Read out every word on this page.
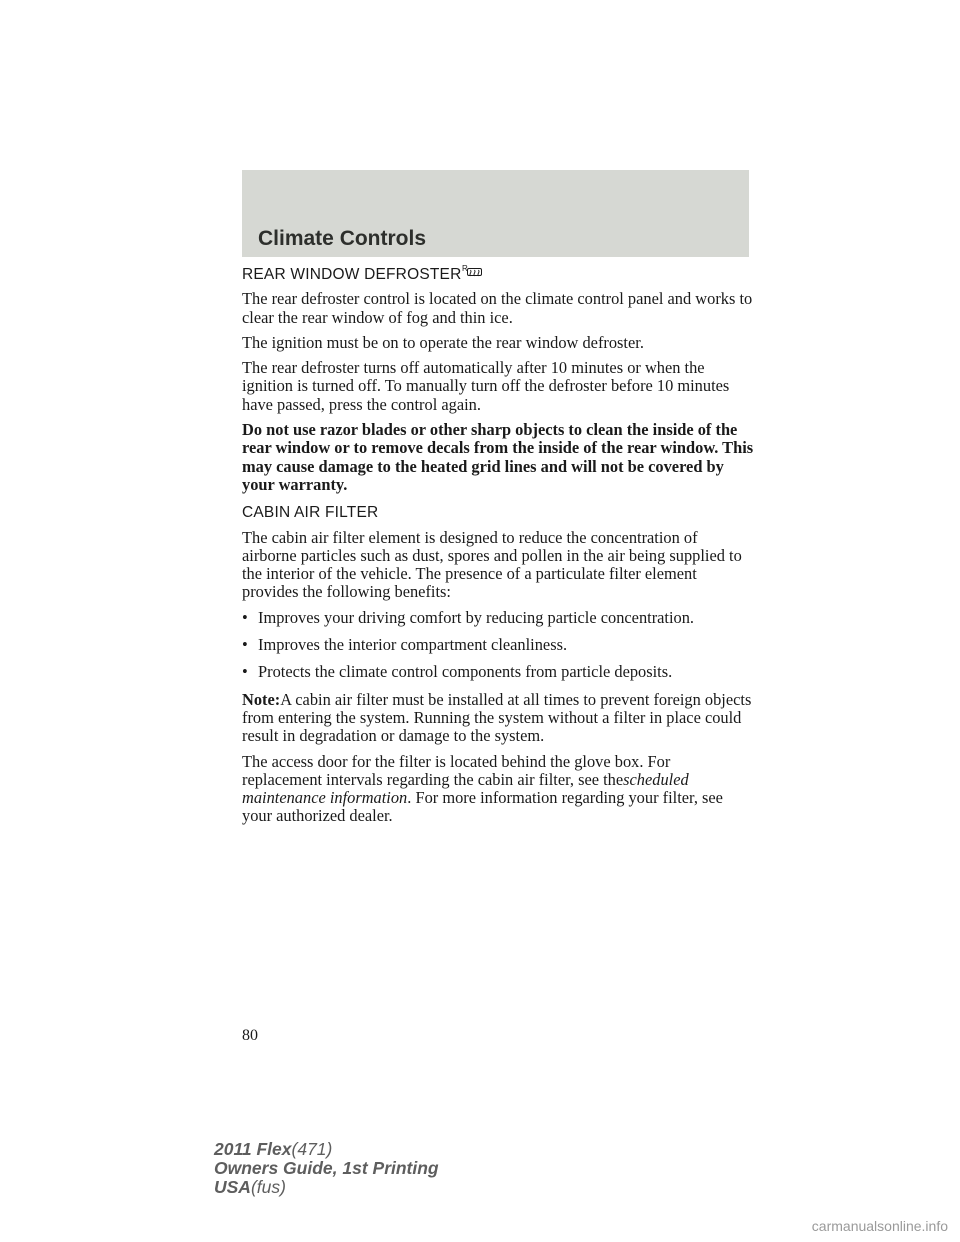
Climate Controls
REAR WINDOW DEFROSTER R

The rear defroster control is located on the climate control panel and works to clear the rear window of fog and thin ice.

The ignition must be on to operate the rear window defroster.

The rear defroster turns off automatically after 10 minutes or when the ignition is turned off. To manually turn off the defroster before 10 minutes have passed, press the control again.

Do not use razor blades or other sharp objects to clean the inside of the rear window or to remove decals from the inside of the rear window. This may cause damage to the heated grid lines and will not be covered by your warranty.

CABIN AIR FILTER

The cabin air filter element is designed to reduce the concentration of airborne particles such as dust, spores and pollen in the air being supplied to the interior of the vehicle. The presence of a particulate filter element provides the following benefits:

• Improves your driving comfort by reducing particle concentration.
• Improves the interior compartment cleanliness.
• Protects the climate control components from particle deposits.

Note:A cabin air filter must be installed at all times to prevent foreign objects from entering the system. Running the system without a filter in place could result in degradation or damage to the system.

The access door for the filter is located behind the glove box. For replacement intervals regarding the cabin air filter, see thescheduled maintenance information. For more information regarding your filter, see your authorized dealer.

80
2011 Flex(471)
Owners Guide, 1st Printing
USA(fus)
carmanualsonline.info
